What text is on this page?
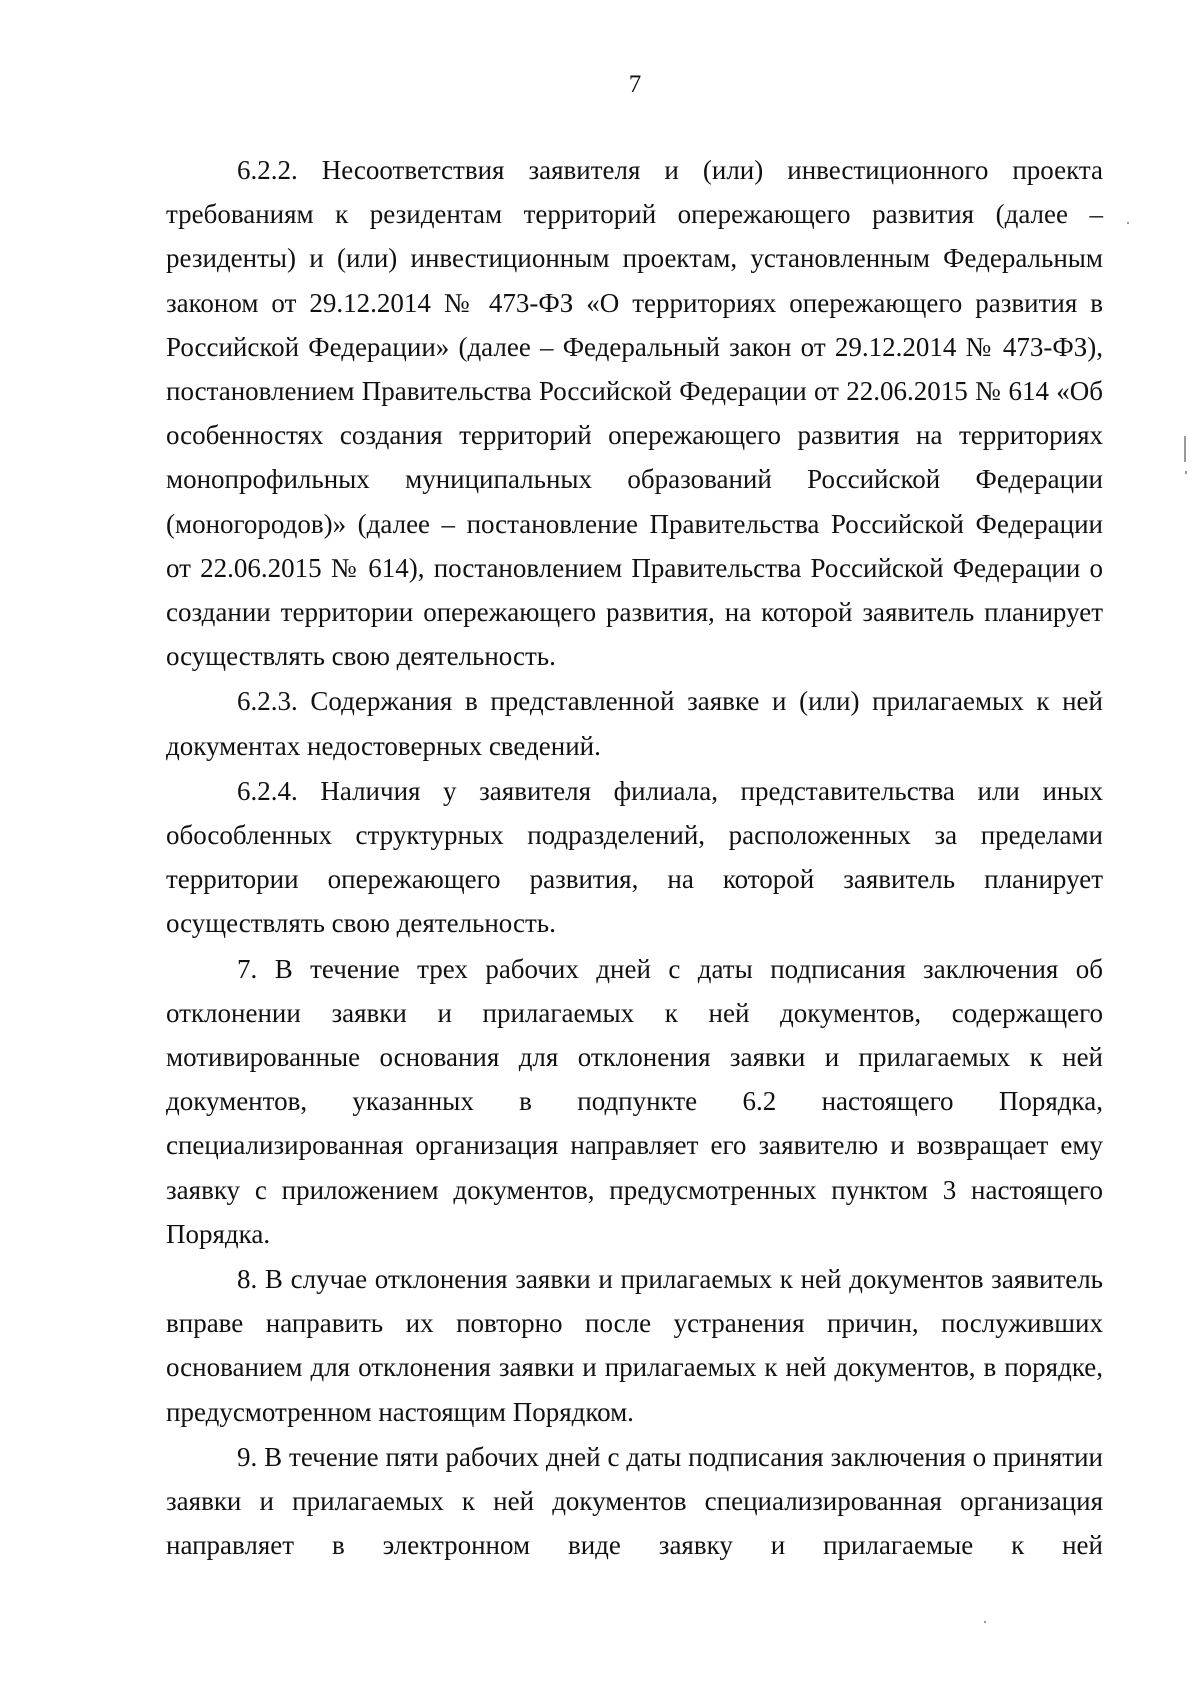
7

6.2.2. Несоответствия заявителя и (или) инвестиционного проекта требованиям к резидентам территорий опережающего развития (далее – резиденты) и (или) инвестиционным проектам, установленным Федеральным законом от 29.12.2014 № 473-ФЗ «О территориях опережающего развития в Российской Федерации» (далее – Федеральный закон от 29.12.2014 № 473-ФЗ), постановлением Правительства Российской Федерации от 22.06.2015 № 614 «Об особенностях создания территорий опережающего развития на территориях монопрофильных муниципальных образований Российской Федерации (моногородов)» (далее – постановление Правительства Российской Федерации от 22.06.2015 № 614), постановлением Правительства Российской Федерации о создании территории опережающего развития, на которой заявитель планирует осуществлять свою деятельность.

6.2.3. Содержания в представленной заявке и (или) прилагаемых к ней документах недостоверных сведений.

6.2.4. Наличия у заявителя филиала, представительства или иных обособленных структурных подразделений, расположенных за пределами территории опережающего развития, на которой заявитель планирует осуществлять свою деятельность.

7. В течение трех рабочих дней с даты подписания заключения об отклонении заявки и прилагаемых к ней документов, содержащего мотивированные основания для отклонения заявки и прилагаемых к ней документов, указанных в подпункте 6.2 настоящего Порядка, специализированная организация направляет его заявителю и возвращает ему заявку с приложением документов, предусмотренных пунктом 3 настоящего Порядка.

8. В случае отклонения заявки и прилагаемых к ней документов заявитель вправе направить их повторно после устранения причин, послуживших основанием для отклонения заявки и прилагаемых к ней документов, в порядке, предусмотренном настоящим Порядком.

9. В течение пяти рабочих дней с даты подписания заключения о принятии заявки и прилагаемых к ней документов специализированная организация направляет в электронном виде заявку и прилагаемые к ней
